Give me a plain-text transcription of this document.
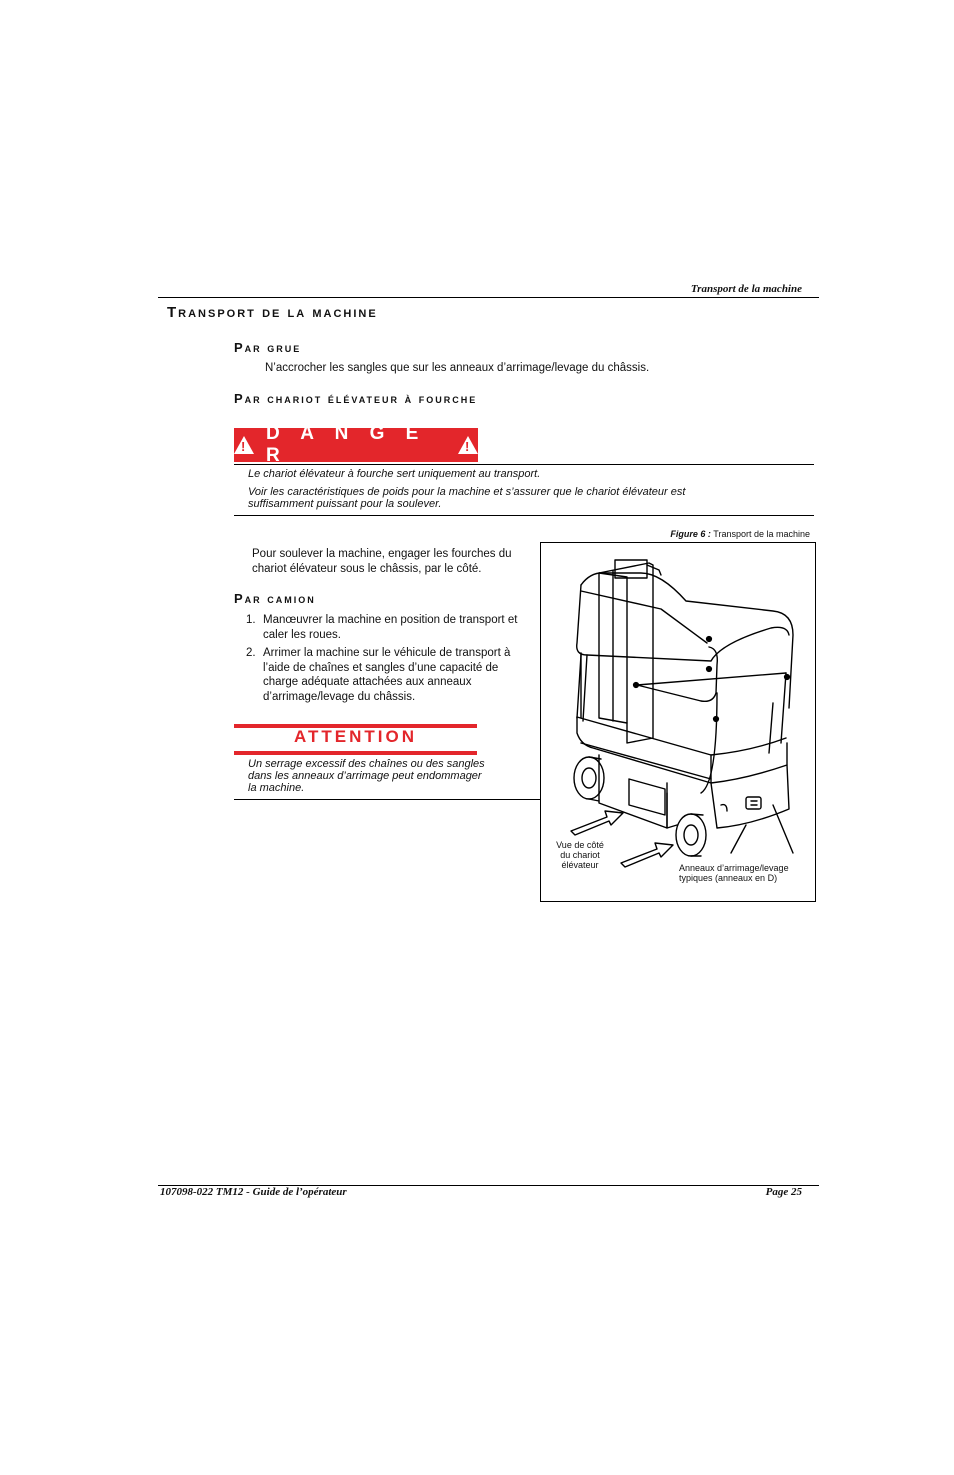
Transport de la machine
Transport de la machine
Par grue
N’accrocher les sangles que sur les anneaux d’arrimage/levage du châssis.
Par chariot élévateur à fourche
!
D A N G E R	!
Le chariot élévateur à fourche sert uniquement au transport.
Voir les caractéristiques de poids pour la machine et s’assurer que le chariot élévateur est
suffisamment puissant pour la soulever.
Pour soulever la machine, engager les fourches du
chariot élévateur sous le châssis, par le côté.
Par camion
1. Manœuvrer la machine en position de transport et
caler les roues.
2. Arrimer la machine sur le véhicule de transport à
l’aide de chaînes et sangles d’une capacité de
charge adéquate attachées aux anneaux
d’arrimage/levage du châssis.
ATTENTION
Un serrage excessif des chaînes ou des sangles
dans les anneaux d’arrimage peut endommager
la machine.
Figure 6 : Transport de la machine
Vue de côté
du chariot
élévateur	Anneaux d’arrimage/levage
typiques (anneaux en D)
107098-022 TM12 - Guide de l’opérateur	Page 25
